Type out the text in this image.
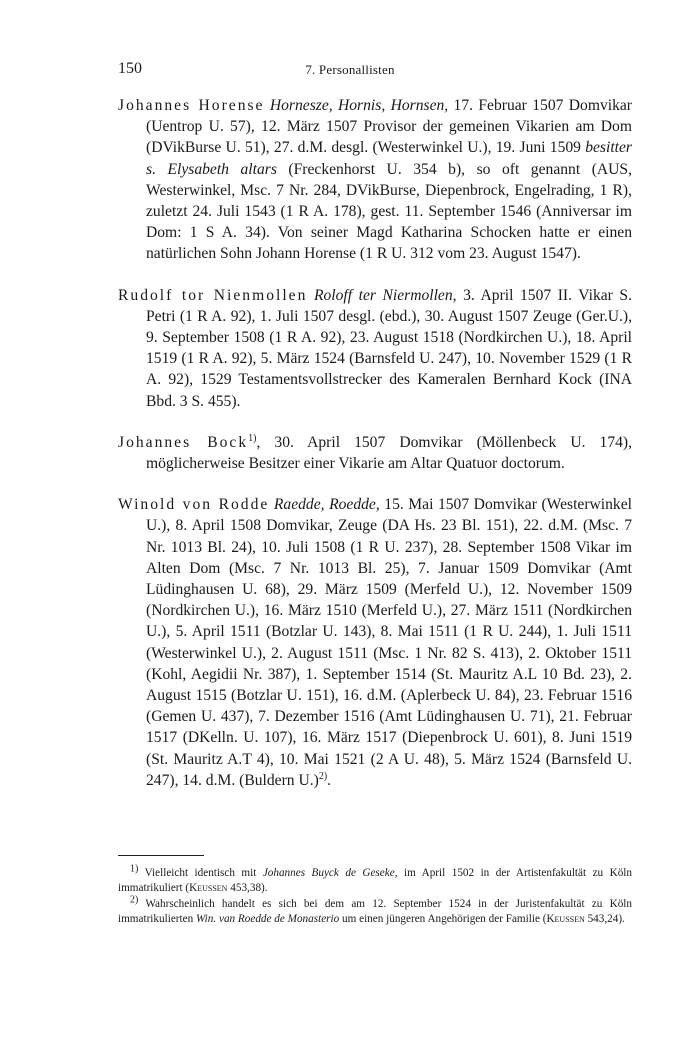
150	7. Personallisten

Johannes Horense Hornesze, Hornis, Hornsen, 17. Februar 1507 Domvikar (Uentrop U. 57), 12. März 1507 Provisor der gemeinen Vikarien am Dom (DVikBurse U. 51), 27. d.M. desgl. (Westerwinkel U.), 19. Juni 1509 besitter s. Elysabeth altars (Freckenhorst U. 354 b), so oft genannt (AUS, Westerwinkel, Msc. 7 Nr. 284, DVikBurse, Diepenbrock, Engelrading, 1 R), zuletzt 24. Juli 1543 (1 R A. 178), gest. 11. September 1546 (Anniversar im Dom: 1 S A. 34). Von seiner Magd Katharina Schocken hatte er einen natürlichen Sohn Johann Horense (1 R U. 312 vom 23. August 1547).

Rudolf tor Nienmollen Roloff ter Niermollen, 3. April 1507 II. Vikar S. Petri (1 R A. 92), 1. Juli 1507 desgl. (ebd.), 30. August 1507 Zeuge (Ger.U.), 9. September 1508 (1 R A. 92), 23. August 1518 (Nordkirchen U.), 18. April 1519 (1 R A. 92), 5. März 1524 (Barnsfeld U. 247), 10. November 1529 (1 R A. 92), 1529 Testamentsvollstrecker des Kameralen Bernhard Kock (INA Bbd. 3 S. 455).

Johannes Bock$^{1)}$, 30. April 1507 Domvikar (Möllenbeck U. 174), möglicherweise Besitzer einer Vikarie am Altar Quatuor doctorum.

Winold von Rodde Raedde, Roedde, 15. Mai 1507 Domvikar (Westerwinkel U.), 8. April 1508 Domvikar, Zeuge (DA Hs. 23 Bl. 151), 22. d.M. (Msc. 7 Nr. 1013 Bl. 24), 10. Juli 1508 (1 R U. 237), 28. September 1508 Vikar im Alten Dom (Msc. 7 Nr. 1013 Bl. 25), 7. Januar 1509 Domvikar (Amt Lüdinghausen U. 68), 29. März 1509 (Merfeld U.), 12. November 1509 (Nordkirchen U.), 16. März 1510 (Merfeld U.), 27. März 1511 (Nordkirchen U.), 5. April 1511 (Botzlar U. 143), 8. Mai 1511 (1 R U. 244), 1. Juli 1511 (Westerwinkel U.), 2. August 1511 (Msc. 1 Nr. 82 S. 413), 2. Oktober 1511 (Kohl, Aegidii Nr. 387), 1. September 1514 (St. Mauritz A.L 10 Bd. 23), 2. August 1515 (Botzlar U. 151), 16. d.M. (Aplerbeck U. 84), 23. Februar 1516 (Gemen U. 437), 7. Dezember 1516 (Amt Lüdinghausen U. 71), 21. Februar 1517 (DKelln. U. 107), 16. März 1517 (Diepenbrock U. 601), 8. Juni 1519 (St. Mauritz A.T 4), 10. Mai 1521 (2 A U. 48), 5. März 1524 (Barnsfeld U. 247), 14. d.M. (Buldern U.)$^{2)}$.

$^{1)}$ Vielleicht identisch mit Johannes Buyck de Geseke, im April 1502 in der Artistenfakultät zu Köln immatrikuliert (Keussen 453,38).

$^{2)}$ Wahrscheinlich handelt es sich bei dem am 12. September 1524 in der Juristenfakultät zu Köln immatrikulierten Win. van Roedde de Monasterio um einen jüngeren Angehörigen der Familie (Keussen 543,24).
